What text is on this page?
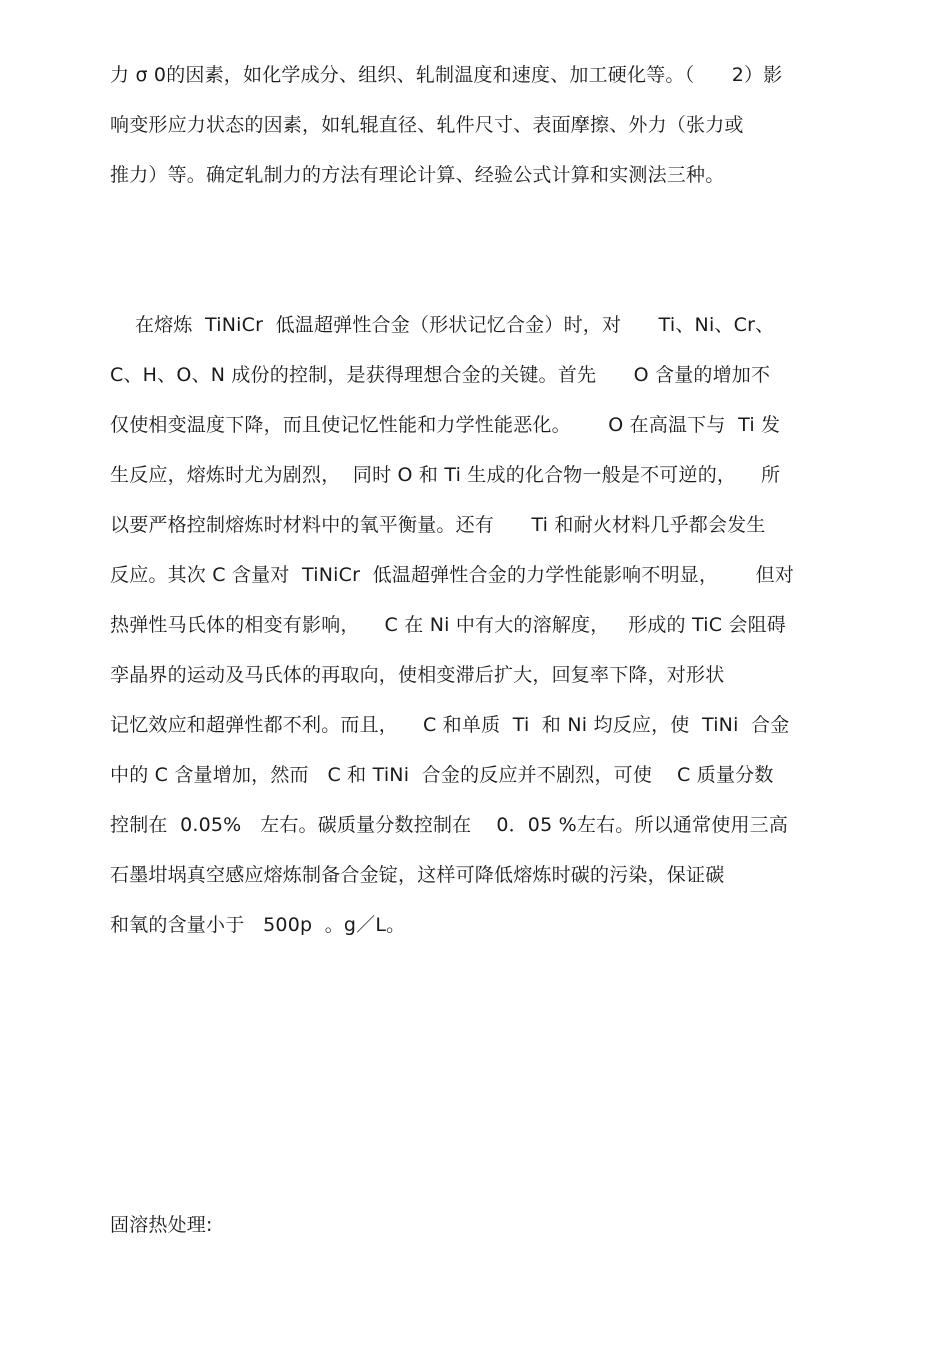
力 σ 0的因素，如化学成分、组织、轧制温度和速度、加工硬化等。（      2）影
响变形应力状态的因素，如轧辊直径、轧件尺寸、表面摩擦、外力（张力或
推力）等。确定轧制力的方法有理论计算、经验公式计算和实测法三种。
在熔炼  TiNiCr  低温超弹性合金（形状记忆合金）时，对      Ti、Ni、Cr、
C、H、O、N 成份的控制，是获得理想合金的关键。首先      O 含量的增加不
仅使相变温度下降，而且使记忆性能和力学性能恶化。      O 在高温下与  Ti 发
生反应，熔炼时尤为剧烈，  同时 O 和 Ti 生成的化合物一般是不可逆的，    所
以要严格控制熔炼时材料中的氧平衡量。还有      Ti 和耐火材料几乎都会发生
反应。其次 C 含量对  TiNiCr  低温超弹性合金的力学性能影响不明显，      但对
热弹性马氏体的相变有影响，    C 在 Ni 中有大的溶解度，   形成的 TiC 会阻碍
孪晶界的运动及马氏体的再取向，使相变滞后扩大，回复率下降，对形状
记忆效应和超弹性都不利。而且，    C 和单质  Ti  和 Ni 均反应，使  TiNi  合金
中的 C 含量增加，然而   C 和 TiNi  合金的反应并不剧烈，可使    C 质量分数
控制在  0.05%   左右。碳质量分数控制在    0．05 %左右。所以通常使用三高
石墨坩埚真空感应熔炼制备合金锭，这样可降低熔炼时碳的污染，保证碳
和氧的含量小于   500p  。g／L。
固溶热处理:
